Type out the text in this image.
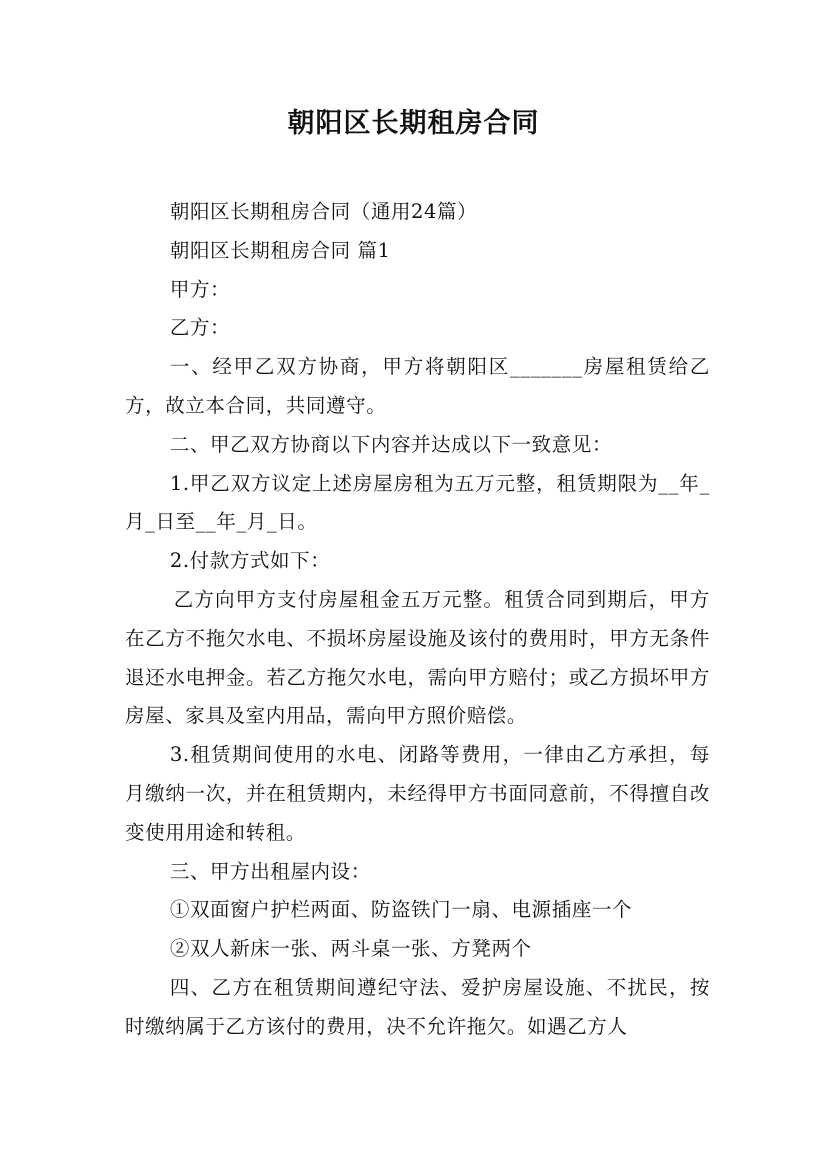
朝阳区长期租房合同

朝阳区长期租房合同（通用24篇）

朝阳区长期租房合同 篇1

甲方：

乙方：

一、经甲乙双方协商，甲方将朝阳区_______房屋租赁给乙方，故立本合同，共同遵守。

二、甲乙双方协商以下内容并达成以下一致意见：

1.甲乙双方议定上述房屋房租为五万元整，租赁期限为__年_月_日至__年_月_日。

2.付款方式如下：

乙方向甲方支付房屋租金五万元整。租赁合同到期后，甲方在乙方不拖欠水电、不损坏房屋设施及该付的费用时，甲方无条件退还水电押金。若乙方拖欠水电，需向甲方赔付；或乙方损坏甲方房屋、家具及室内用品，需向甲方照价赔偿。

3.租赁期间使用的水电、闭路等费用，一律由乙方承担，每月缴纳一次，并在租赁期内，未经得甲方书面同意前，不得擅自改变使用用途和转租。

三、甲方出租屋内设：

①双面窗户护栏两面、防盗铁门一扇、电源插座一个

②双人新床一张、两斗桌一张、方凳两个

四、乙方在租赁期间遵纪守法、爱护房屋设施、不扰民，按时缴纳属于乙方该付的费用，决不允许拖欠。如遇乙方人
